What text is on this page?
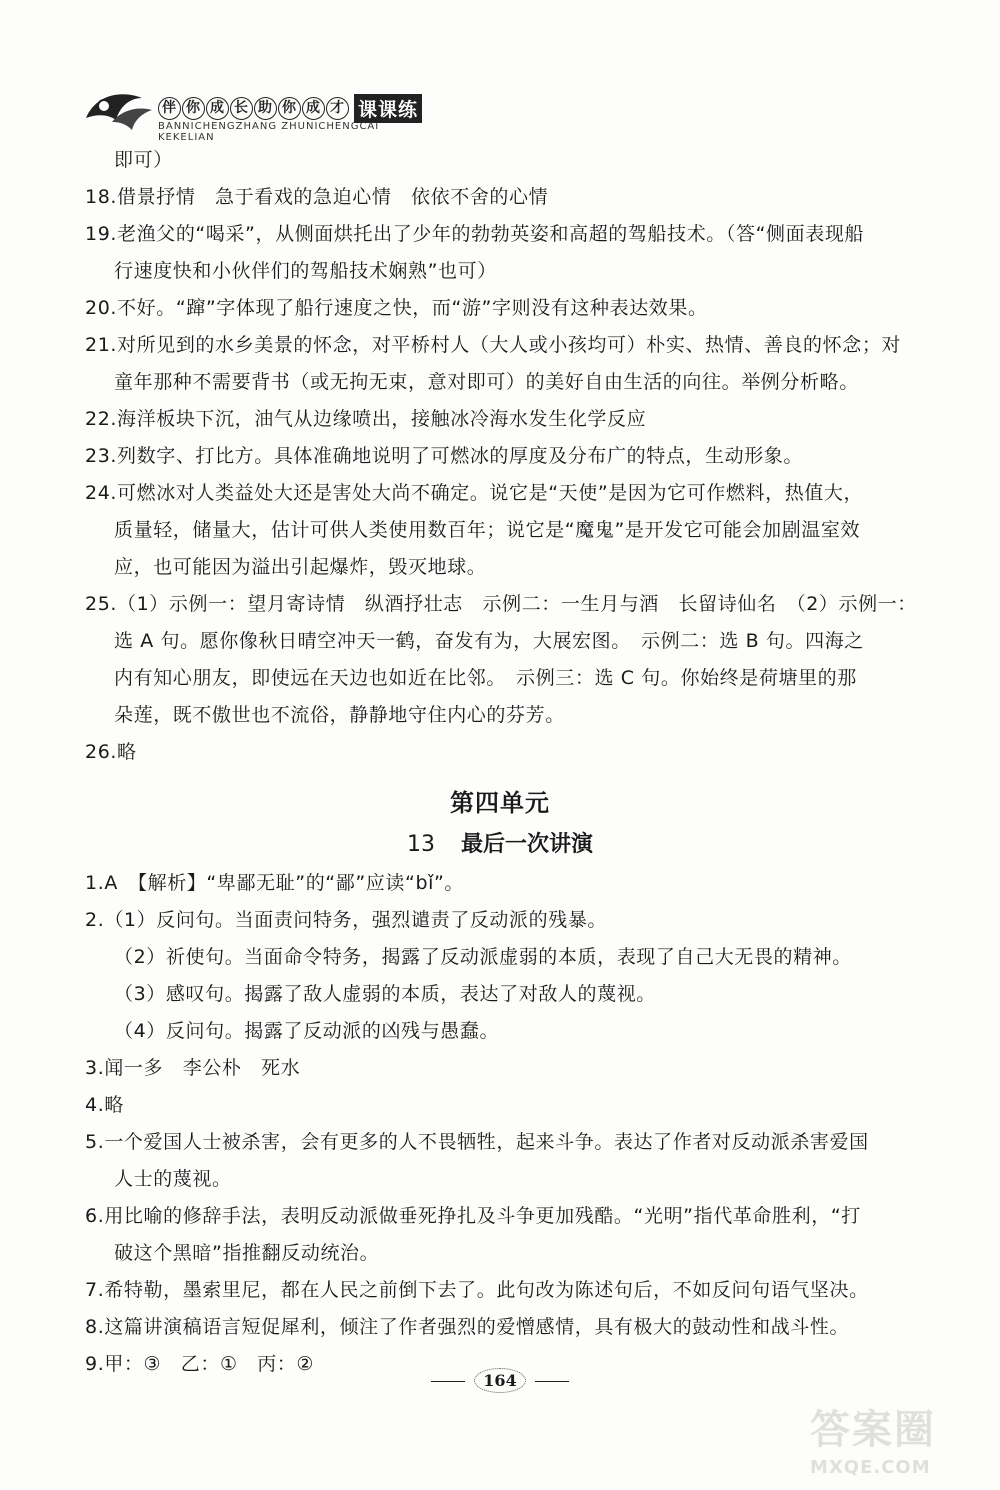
伴 你 成 长 助 你 成 才 课课练
BANNICHENGZHANG ZHUNICHENGCAI KEKELIAN
即可）
18.借景抒情　急于看戏的急迫心情　依依不舍的心情
19.老渔父的“喝采”，从侧面烘托出了少年的勃勃英姿和高超的驾船技术。（答“侧面表现船
行速度快和小伙伴们的驾船技术娴熟”也可）
20.不好。“蹿”字体现了船行速度之快，而“游”字则没有这种表达效果。
21.对所见到的水乡美景的怀念，对平桥村人（大人或小孩均可）朴实、热情、善良的怀念；对
童年那种不需要背书（或无拘无束，意对即可）的美好自由生活的向往。举例分析略。
22.海洋板块下沉，油气从边缘喷出，接触冰冷海水发生化学反应
23.列数字、打比方。具体准确地说明了可燃冰的厚度及分布广的特点，生动形象。
24.可燃冰对人类益处大还是害处大尚不确定。说它是“天使”是因为它可作燃料，热值大，
质量轻，储量大，估计可供人类使用数百年；说它是“魔鬼”是开发它可能会加剧温室效
应，也可能因为溢出引起爆炸，毁灭地球。
25.（1）示例一：望月寄诗情　纵酒抒壮志　示例二：一生月与酒　长留诗仙名　（2）示例一：
选 A 句。愿你像秋日晴空冲天一鹤，奋发有为，大展宏图。　示例二：选 B 句。四海之
内有知心朋友，即使远在天边也如近在比邻。　示例三：选 C 句。你始终是荷塘里的那
朵莲，既不傲世也不流俗，静静地守住内心的芬芳。
26.略
第四单元
13 最后一次讲演
1.A　【解析】“卑鄙无耻”的“鄙”应读“bǐ”。
2.（1）反问句。当面责问特务，强烈谴责了反动派的残暴。
（2）祈使句。当面命令特务，揭露了反动派虚弱的本质，表现了自己大无畏的精神。
（3）感叹句。揭露了敌人虚弱的本质，表达了对敌人的蔑视。
（4）反问句。揭露了反动派的凶残与愚蠢。
3.闻一多　李公朴　死水
4.略
5.一个爱国人士被杀害，会有更多的人不畏牺牲，起来斗争。表达了作者对反动派杀害爱国
人士的蔑视。
6.用比喻的修辞手法，表明反动派做垂死挣扎及斗争更加残酷。“光明”指代革命胜利，“打
破这个黑暗”指推翻反动统治。
7.希特勒，墨索里尼，都在人民之前倒下去了。此句改为陈述句后，不如反问句语气坚决。
8.这篇讲演稿语言短促犀利，倾注了作者强烈的爱憎感情，具有极大的鼓动性和战斗性。
9.甲：③　乙：①　丙：②
164
答案圈
MXQE.COM
